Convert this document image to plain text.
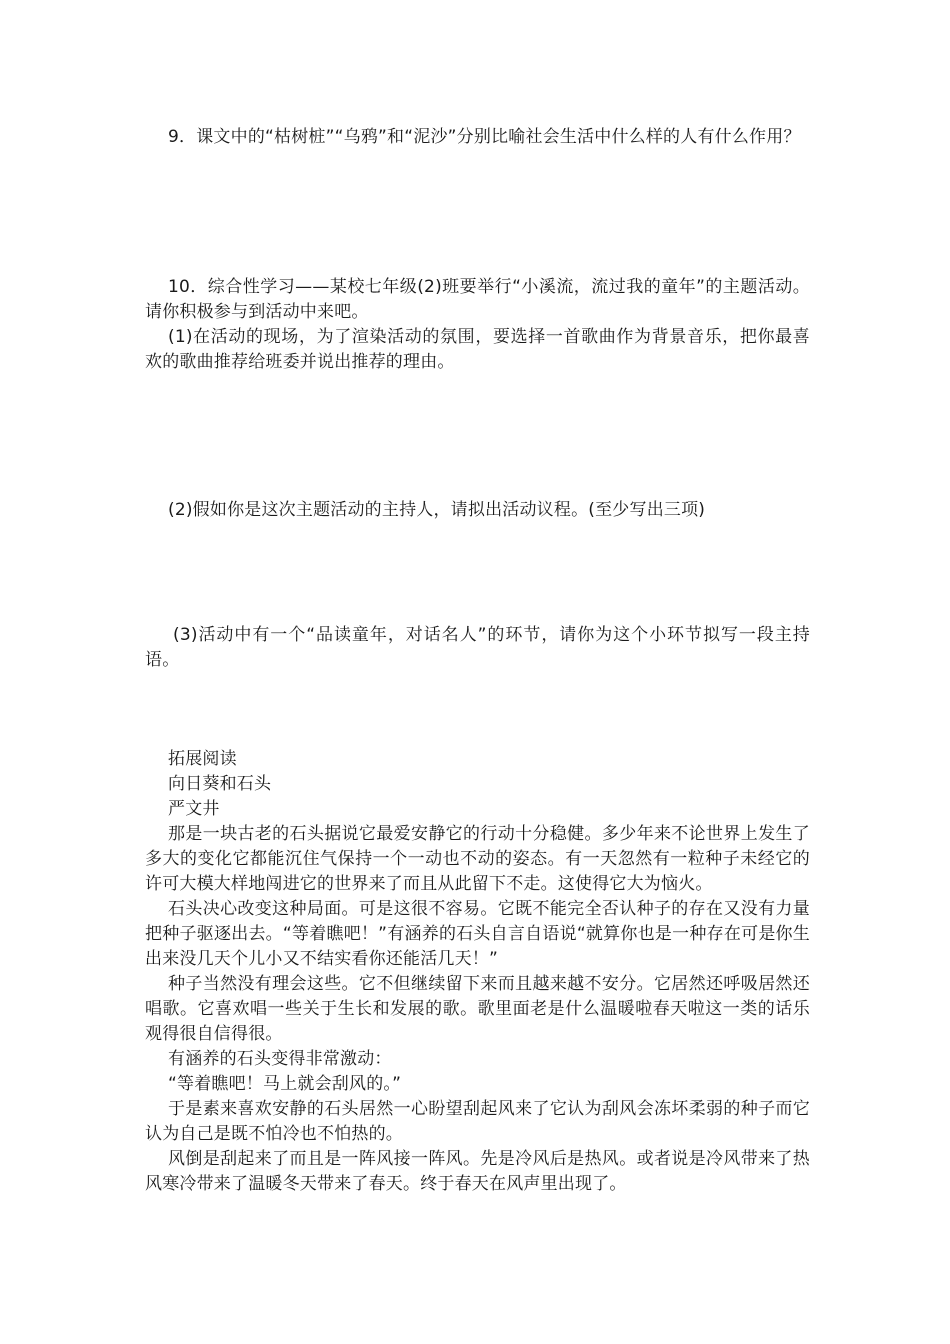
9．课文中的“枯树桩”“乌鸦”和“泥沙”分别比喻社会生活中什么样的人有什么作用？

10．综合性学习——某校七年级(2)班要举行“小溪流，流过我的童年”的主题活动。请你积极参与到活动中来吧。

(1)在活动的现场，为了渲染活动的氛围，要选择一首歌曲作为背景音乐，把你最喜欢的歌曲推荐给班委并说出推荐的理由。

(2)假如你是这次主题活动的主持人，请拟出活动议程。(至少写出三项)

(3)活动中有一个“品读童年，对话名人”的环节，请你为这个小环节拟写一段主持语。

拓展阅读

向日葵和石头

严文井

那是一块古老的石头据说它最爱安静它的行动十分稳健。多少年来不论世界上发生了多大的变化它都能沉住气保持一个一动也不动的姿态。有一天忽然有一粒种子未经它的许可大模大样地闯进它的世界来了而且从此留下不走。这使得它大为恼火。

石头决心改变这种局面。可是这很不容易。它既不能完全否认种子的存在又没有力量把种子驱逐出去。“等着瞧吧！”有涵养的石头自言自语说“就算你也是一种存在可是你生出来没几天个儿小又不结实看你还能活几天！”

种子当然没有理会这些。它不但继续留下来而且越来越不安分。它居然还呼吸居然还唱歌。它喜欢唱一些关于生长和发展的歌。歌里面老是什么温暖啦春天啦这一类的话乐观得很自信得很。

有涵养的石头变得非常激动：

“等着瞧吧！马上就会刮风的。”

于是素来喜欢安静的石头居然一心盼望刮起风来了它认为刮风会冻坏柔弱的种子而它认为自己是既不怕冷也不怕热的。

风倒是刮起来了而且是一阵风接一阵风。先是冷风后是热风。或者说是冷风带来了热风寒冷带来了温暖冬天带来了春天。终于春天在风声里出现了。
